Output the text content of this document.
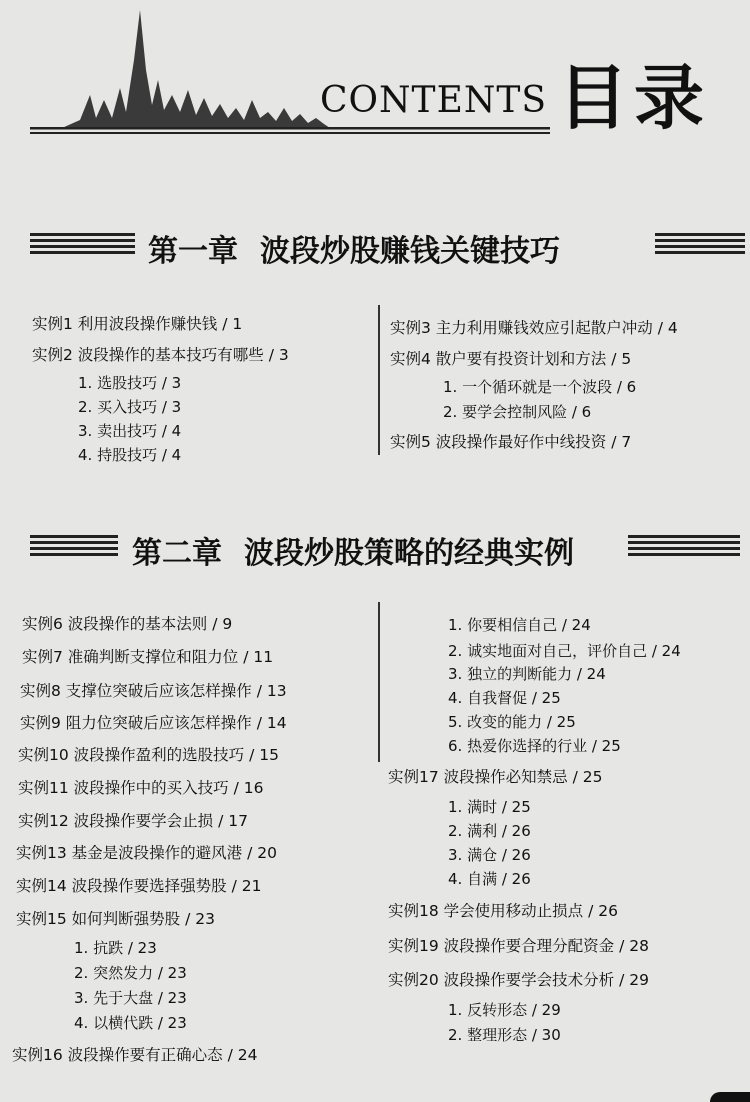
CONTENTS 目录
第一章 波段炒股赚钱关键技巧
实例1 利用波段操作赚快钱 / 1
实例2 波段操作的基本技巧有哪些 / 3
1. 选股技巧 / 3
2. 买入技巧 / 3
3. 卖出技巧 / 4
4. 持股技巧 / 4
实例3 主力利用赚钱效应引起散户冲动 / 4
实例4 散户要有投资计划和方法 / 5
1. 一个循环就是一个波段 / 6
2. 要学会控制风险 / 6
实例5 波段操作最好作中线投资 / 7
第二章 波段炒股策略的经典实例
实例6 波段操作的基本法则 / 9
实例7 准确判断支撑位和阻力位 / 11
实例8 支撑位突破后应该怎样操作 / 13
实例9 阻力位突破后应该怎样操作 / 14
实例10 波段操作盈利的选股技巧 / 15
实例11 波段操作中的买入技巧 / 16
实例12 波段操作要学会止损 / 17
实例13 基金是波段操作的避风港 / 20
实例14 波段操作要选择强势股 / 21
实例15 如何判断强势股 / 23
1. 抗跌 / 23
2. 突然发力 / 23
3. 先于大盘 / 23
4. 以横代跌 / 23
实例16 波段操作要有正确心态 / 24
1. 你要相信自己 / 24
2. 诚实地面对自己，评价自己 / 24
3. 独立的判断能力 / 24
4. 自我督促 / 25
5. 改变的能力 / 25
6. 热爱你选择的行业 / 25
实例17 波段操作必知禁忌 / 25
1. 满时 / 25
2. 满利 / 26
3. 满仓 / 26
4. 自满 / 26
实例18 学会使用移动止损点 / 26
实例19 波段操作要合理分配资金 / 28
实例20 波段操作要学会技术分析 / 29
1. 反转形态 / 29
2. 整理形态 / 30
